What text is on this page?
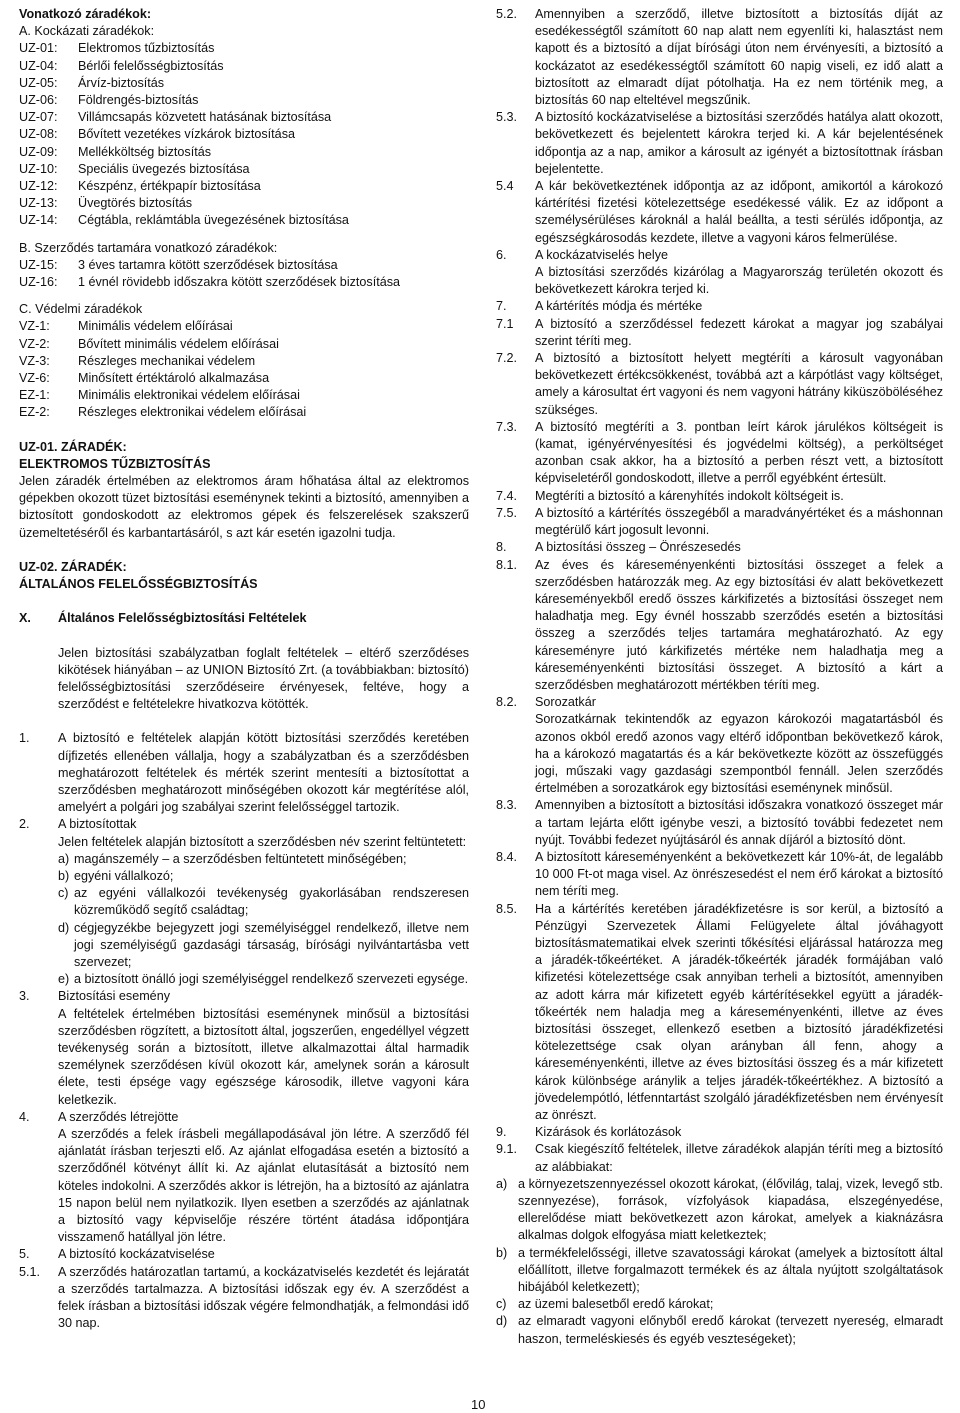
Vonatkozó záradékok:
A. Kockázati záradékok:
UZ-01:	Elektromos tűzbiztosítás
UZ-04:	Bérlői felelősségbiztosítás
UZ-05:	Árvíz-biztosítás
UZ-06:	Földrengés-biztosítás
UZ-07:	Villámcsapás közvetett hatásának biztosítása
UZ-08:	Bővített vezetékes vízkárok biztosítása
UZ-09:	Mellékköltség biztosítás
UZ-10:	Speciális üvegezés biztosítása
UZ-12:	Készpénz, értékpapír biztosítása
UZ-13:	Üvegtörés biztosítás
UZ-14:	Cégtábla, reklámtábla üvegezésének biztosítása
B. Szerződés tartamára vonatkozó záradékok:
UZ-15:	3 éves tartamra kötött szerződések biztosítása
UZ-16:	1 évnél rövidebb időszakra kötött szerződések biztosítása
C. Védelmi záradékok
VZ-1:	Minimális védelem előírásai
VZ-2:	Bővített minimális védelem előírásai
VZ-3:	Részleges mechanikai védelem
VZ-6:	Minősített értéktároló alkalmazása
EZ-1:	Minimális elektronikai védelem előírásai
EZ-2:	Részleges elektronikai védelem előírásai
UZ-01. ZÁRADÉK:
ELEKTROMOS TŰZBIZTOSÍTÁS
Jelen záradék értelmében az elektromos áram hőhatása által az elektromos gépekben okozott tüzet biztosítási eseménynek tekinti a biztosító, amennyiben a biztosított gondoskodott az elektromos gépek és felszerelések szakszerű üzemeltetéséről és karbantartásáról, s azt kár esetén igazolni tudja.
UZ-02. ZÁRADÉK:
ÁLTALÁNOS FELELŐSSÉGBIZTOSÍTÁS
X.	Általános Felelősségbiztosítási Feltételek
Jelen biztosítási szabályzatban foglalt feltételek – eltérő szerződéses kikötések hiányában – az UNION Biztosító Zrt. (a továbbiakban: biztosító) felelősségbiztosítási szerződéseire érvényesek, feltéve, hogy a szerződést e feltételekre hivatkozva kötötték.
1.	A biztosító e feltételek alapján kötött biztosítási szerződés keretében díjfizetés ellenében vállalja, hogy a szabályzatban és a szerződésben meghatározott feltételek és mérték szerint mentesíti a biztosítottat a szerződésben meghatározott minőségében okozott kár megtérítése alól, amelyért a polgári jog szabályai szerint felelősséggel tartozik.
2.	A biztosítottak
Jelen feltételek alapján biztosított a szerződésben név szerint feltüntetett:
a) magánszemély – a szerződésben feltüntetett minőségében;
b) egyéni vállalkozó;
c) az egyéni vállalkozói tevékenység gyakorlásában rendszeresen közreműködő segítő családtag;
d) cégjegyzékbe bejegyzett jogi személyiséggel rendelkező, illetve nem jogi személyiségű gazdasági társaság, bírósági nyilvántartásba vett szervezet;
e) a biztosított önálló jogi személyiséggel rendelkező szervezeti egysége.
3.	Biztosítási esemény
A feltételek értelmében biztosítási eseménynek minősül a biztosítási szerződésben rögzített, a biztosított által, jogszerűen, engedéllyel végzett tevékenység során a biztosított, illetve alkalmazottai által harmadik személynek szerződésen kívül okozott kár, amelynek során a károsult élete, testi épsége vagy egészsége károsodik, illetve vagyoni kára keletkezik.
4.	A szerződés létrejötte
A szerződés a felek írásbeli megállapodásával jön létre. A szerződő fél ajánlatát írásban terjeszti elő. Az ajánlat elfogadása esetén a biztosító a szerződőnél kötvényt állít ki. Az ajánlat elutasítását a biztosító nem köteles indokolni. A szerződés akkor is létrejön, ha a biztosító az ajánlatra 15 napon belül nem nyilatkozik. Ilyen esetben a szerződés az ajánlatnak a biztosító vagy képviselője részére történt átadása időpontjára visszamenő hatállyal jön létre.
5.	A biztosító kockázatviselése
5.1.	A szerződés határozatlan tartamú, a kockázatviselés kezdetét és lejáratát a szerződés tartalmazza. A biztosítási időszak egy év. A szerződést a felek írásban a biztosítási időszak végére felmondhatják, a felmondási idő 30 nap.
5.2.	Amennyiben a szerződő, illetve biztosított a biztosítás díját az esedékességtől számított 60 nap alatt nem egyenlíti ki, halasztást nem kapott és a biztosító a díjat bírósági úton nem érvényesíti, a biztosító a kockázatot az esedékességtől számított 60 napig viseli, ez idő alatt a biztosított az elmaradt díjat pótolhatja. Ha ez nem történik meg, a biztosítás 60 nap elteltével megszűnik.
5.3.	A biztosító kockázatviselése a biztosítási szerződés hatálya alatt okozott, bekövetkezett és bejelentett károkra terjed ki. A kár bejelentésének időpontja az a nap, amikor a károsult az igényét a biztosítottnak írásban bejelentette.
5.4	A kár bekövetkeztének időpontja az az időpont, amikortól a károkozó kártérítési fizetési kötelezettsége esedékessé válik. Ez az időpont a személysérüléses károknál a halál beállta, a testi sérülés időpontja, az egészségkárosodás kezdete, illetve a vagyoni káros felmerülése.
6.	A kockázatviselés helye
A biztosítási szerződés kizárólag a Magyarország területén okozott és bekövetkezett károkra terjed ki.
7.	A kártérítés módja és mértéke
7.1	A biztosító a szerződéssel fedezett károkat a magyar jog szabályai szerint téríti meg.
7.2.	A biztosító a biztosított helyett megtéríti a károsult vagyonában bekövetkezett értékcsökkenést, továbbá azt a kárpótlást vagy költséget, amely a károsultat ért vagyoni és nem vagyoni hátrány kiküszöböléséhez szükséges.
7.3.	A biztosító megtéríti a 3. pontban leírt károk járulékos költségeit is (kamat, igényérvényesítési és jogvédelmi költség), a perköltséget azonban csak akkor, ha a biztosító a perben részt vett, a biztosított képviseletéről gondoskodott, illetve a perről egyébként értesült.
7.4.	Megtéríti a biztosító a kárenyhítés indokolt költségeit is.
7.5.	A biztosító a kártérítés összegéből a maradványértéket és a máshonnan megtérülő kárt jogosult levonni.
8.	A biztosítási összeg – Önrészesedés
8.1.	Az éves és káreseményenkénti biztosítási összeget a felek a szerződésben határozzák meg. Az egy biztosítási év alatt bekövetkezett káreseményekből eredő összes kárkifizetés a biztosítási összeget nem haladhatja meg. Egy évnél hosszabb szerződés esetén a biztosítási összeg a szerződés teljes tartamára meghatározható. Az egy káreseményre jutó kárkifizetés mértéke nem haladhatja meg a káreseményenkénti biztosítási összeget. A biztosító a kárt a szerződésben meghatározott mértékben téríti meg.
8.2.	Sorozatkár
Sorozatkárnak tekintendők az egyazon károkozói magatartásból és azonos okból eredő azonos vagy eltérő időpontban bekövetkező károk, ha a károkozó magatartás és a kár bekövetkezte között az összefüggés jogi, műszaki vagy gazdasági szempontból fennáll. Jelen szerződés értelmében a sorozatkárok egy biztosítási eseménynek minősül.
8.3.	Amennyiben a biztosított a biztosítási időszakra vonatkozó összeget már a tartam lejárta előtt igénybe veszi, a biztosító további fedezetet nem nyújt. További fedezet nyújtásáról és annak díjáról a biztosító dönt.
8.4.	A biztosított káreseményenként a bekövetkezett kár 10%-át, de legalább 10 000 Ft-ot maga visel. Az önrészesedést el nem érő károkat a biztosító nem téríti meg.
8.5.	Ha a kártérítés keretében járadékfizetésre is sor kerül, a biztosító a Pénzügyi Szervezetek Állami Felügyelete által jóváhagyott biztosításmatematikai elvek szerinti tőkésítési eljárással határozza meg a járadék-tőkeértéket. A járadék-tőkeérték járadék formájában való kifizetési kötelezettsége csak annyiban terheli a biztosítót, amennyiben az adott kárra már kifizetett egyéb kártérítésekkel együtt a járadék-tőkeérték nem haladja meg a káreseményenkénti, illetve az éves biztosítási összeget, ellenkező esetben a biztosító járadékfizetési kötelezettsége csak olyan arányban áll fenn, ahogy a káreseményenkénti, illetve az éves biztosítási összeg és a már kifizetett károk különbsége aránylik a teljes járadék-tőkeértékhez. A biztosító a jövedelempótló, létfenntartást szolgáló járadékfizetésben nem érvényesít az önrészt.
9.	Kizárások és korlátozások
9.1.	Csak kiegészítő feltételek, illetve záradékok alapján téríti meg a biztosító az alábbiakat:
a) a környezetszennyezéssel okozott károkat, (élővilág, talaj, vizek, levegő stb. szennyezése), források, vízfolyások kiapadása, elszegényedése, ellerelődése miatt bekövetkezett azon károkat, amelyek a kiaknázásra alkalmas dolgok elfogyása miatt keletkeztek;
b) a termékfelelősségi, illetve szavatossági károkat (amelyek a biztosított által előállított, illetve forgalmazott termékek és az általa nyújtott szolgáltatások hibájából keletkezett);
c) az üzemi balesetből eredő károkat;
d) az elmaradt vagyoni előnyből eredő károkat (tervezett nyereség, elmaradt haszon, termeléskiesés és egyéb veszteségeket);
10
